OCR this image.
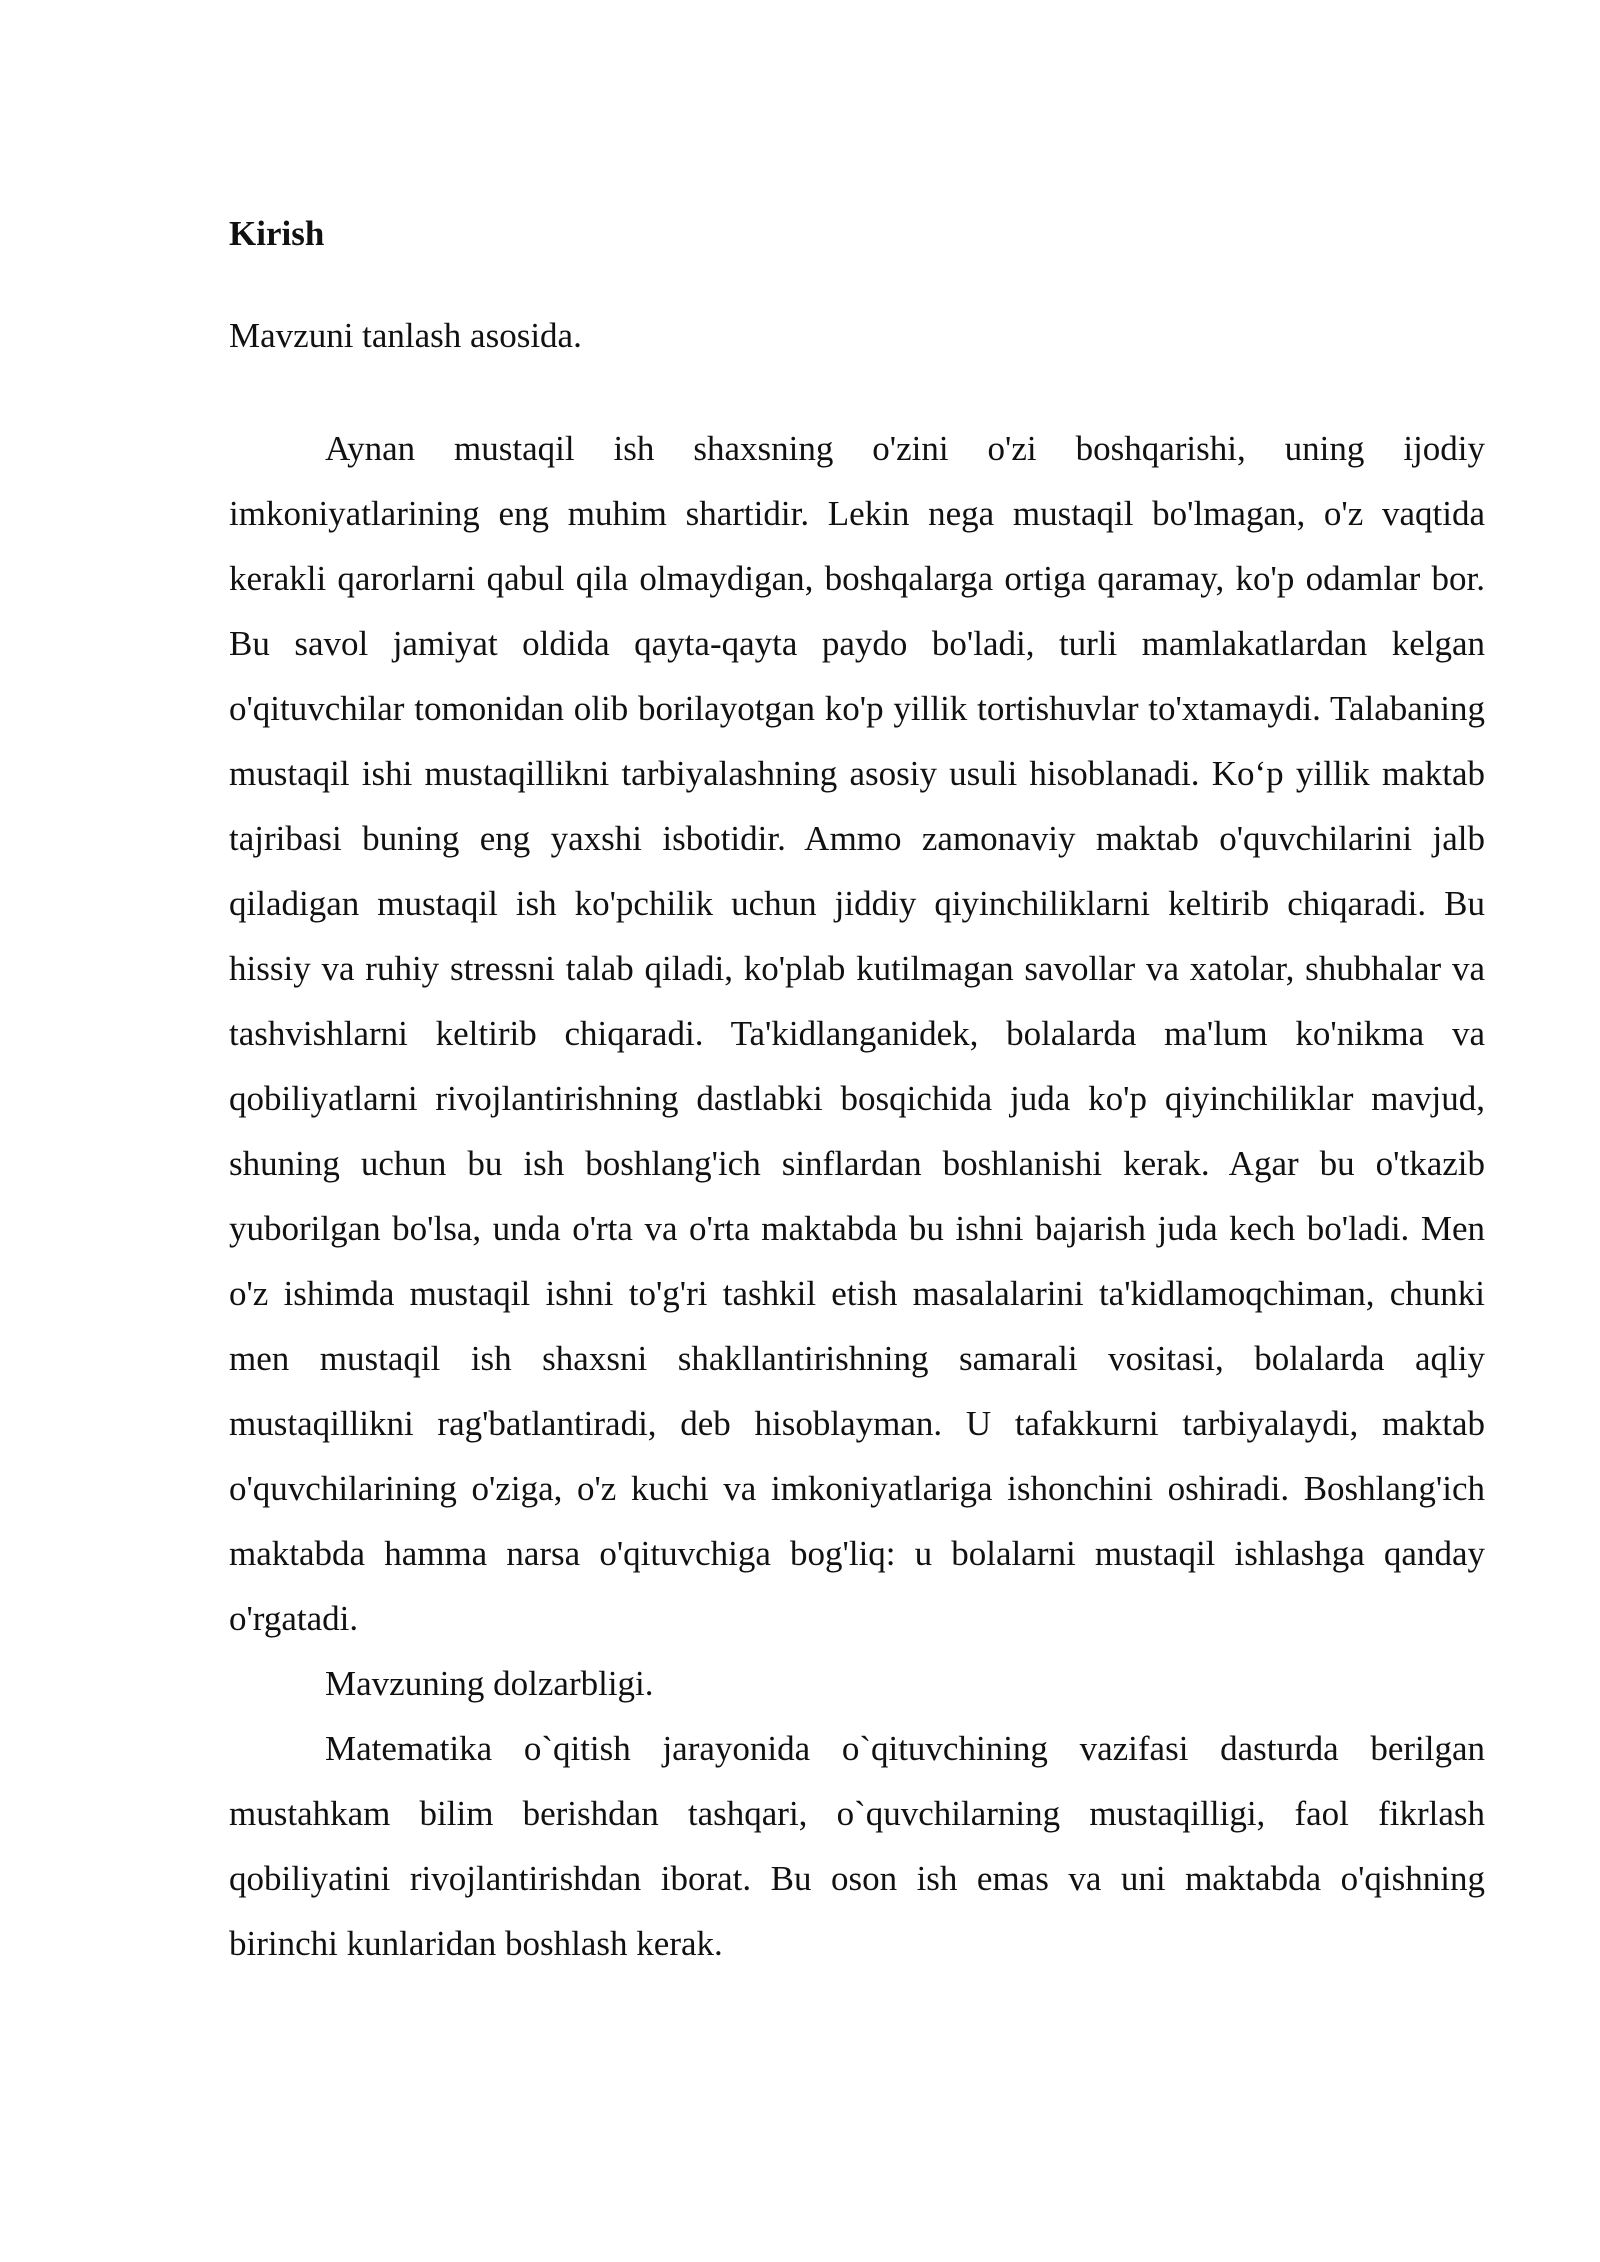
Kirish
Mavzuni tanlash asosida.

Aynan mustaqil ish shaxsning o'zini o'zi boshqarishi, uning ijodiy imkoniyatlarining eng muhim shartidir. Lekin nega mustaqil bo'lmagan, o'z vaqtida kerakli qarorlarni qabul qila olmaydigan, boshqalarga ortiga qaramay, ko'p odamlar bor. Bu savol jamiyat oldida qayta-qayta paydo bo'ladi, turli mamlakatlardan kelgan o'qituvchilar tomonidan olib borilayotgan ko'p yillik tortishuvlar to'xtamaydi. Talabaning mustaqil ishi mustaqillikni tarbiyalashning asosiy usuli hisoblanadi. Koʻp yillik maktab tajribasi buning eng yaxshi isbotidir. Ammo zamonaviy maktab o'quvchilarini jalb qiladigan mustaqil ish ko'pchilik uchun jiddiy qiyinchiliklarni keltirib chiqaradi. Bu hissiy va ruhiy stressni talab qiladi, ko'plab kutilmagan savollar va xatolar, shubhalar va tashvishlarni keltirib chiqaradi. Ta'kidlanganidek, bolalarda ma'lum ko'nikma va qobiliyatlarni rivojlantirishning dastlabki bosqichida juda ko'p qiyinchiliklar mavjud, shuning uchun bu ish boshlang'ich sinflardan boshlanishi kerak. Agar bu o'tkazib yuborilgan bo'lsa, unda o'rta va o'rta maktabda bu ishni bajarish juda kech bo'ladi. Men o'z ishimda mustaqil ishni to'g'ri tashkil etish masalalarini ta'kidlamoqchiman, chunki men mustaqil ish shaxsni shakllantirishning samarali vositasi, bolalarda aqliy mustaqillikni rag'batlantiradi, deb hisoblayman. U tafakkurni tarbiyalaydi, maktab o'quvchilarining o'ziga, o'z kuchi va imkoniyatlariga ishonchini oshiradi. Boshlang'ich maktabda hamma narsa o'qituvchiga bog'liq: u bolalarni mustaqil ishlashga qanday o'rgatadi.

Mavzuning dolzarbligi.

Matematika o`qitish jarayonida o`qituvchining vazifasi dasturda berilgan mustahkam bilim berishdan tashqari, o`quvchilarning mustaqilligi, faol fikrlash qobiliyatini rivojlantirishdan iborat. Bu oson ish emas va uni maktabda o'qishning birinchi kunlaridan boshlash kerak.
